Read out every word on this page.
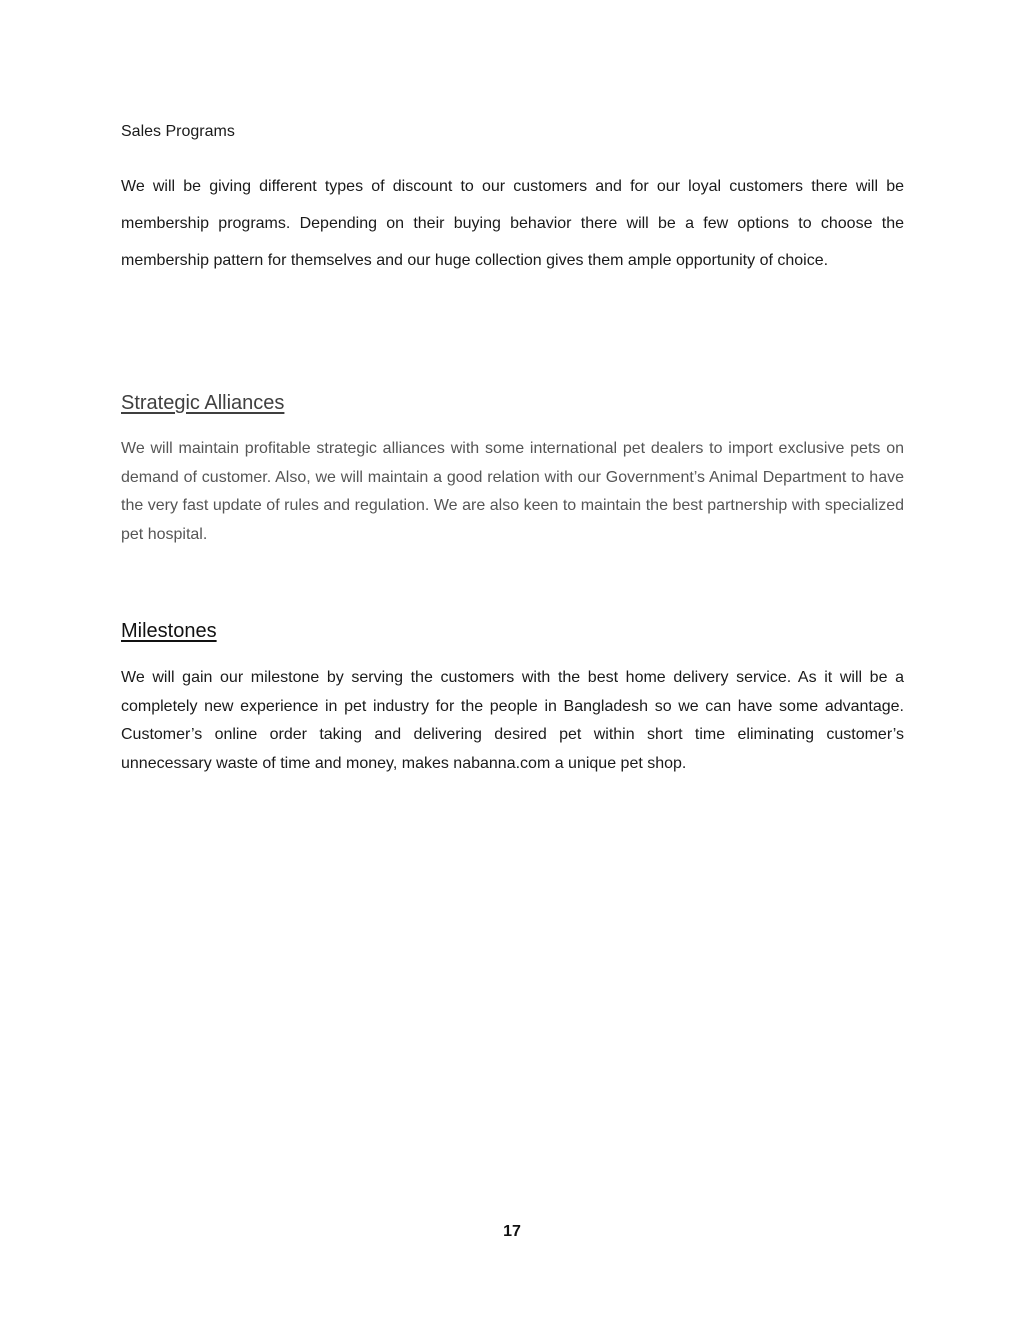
Sales Programs

We will be giving different types of discount to our customers and for our loyal customers there will be membership programs. Depending on their buying behavior there will be a few options to choose the membership pattern for themselves and our huge collection gives them ample opportunity of choice.

Strategic Alliances

We will maintain profitable strategic alliances with some international pet dealers to import exclusive pets on demand of customer. Also, we will maintain a good relation with our Government’s Animal Department to have the very fast update of rules and regulation. We are also keen to maintain the best partnership with specialized pet hospital.

Milestones

We will gain our milestone by serving the customers with the best home delivery service. As it will be a completely new experience in pet industry for the people in Bangladesh so we can have some advantage. Customer’s online order taking and delivering desired pet within short time eliminating customer’s unnecessary waste of time and money, makes nabanna.com a unique pet shop.

17
